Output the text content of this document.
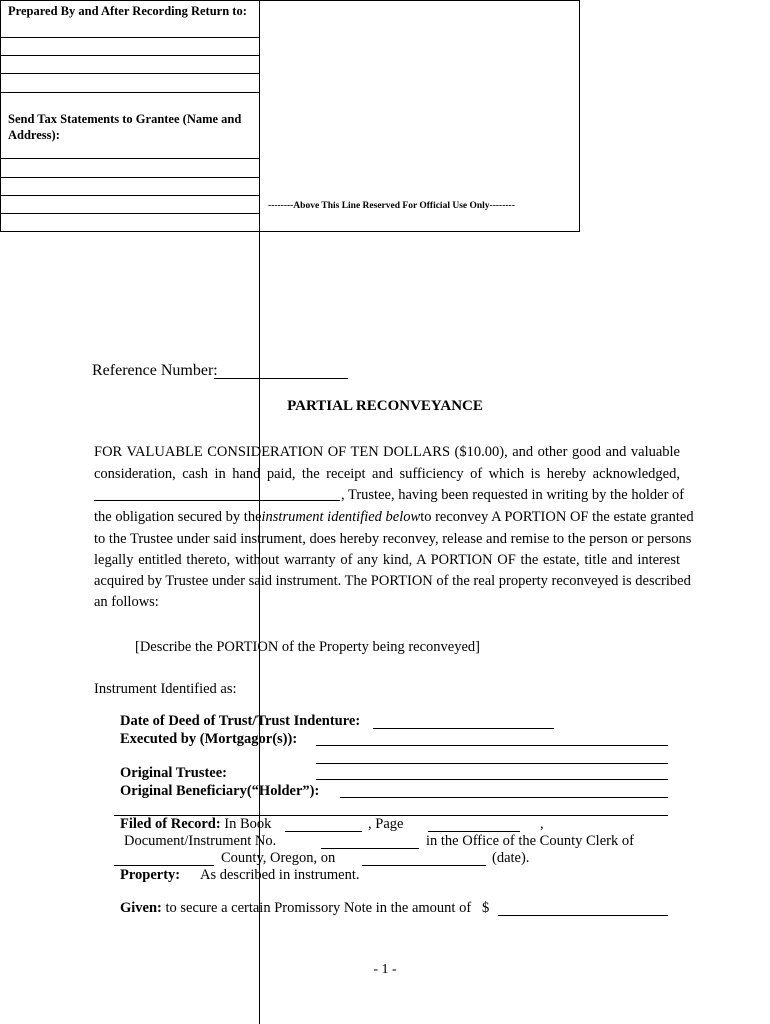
Prepared By and After Recording Return to:
Send Tax Statements to Grantee (Name and Address):
--------Above This Line Reserved For Official Use Only--------
Reference Number:
PARTIAL RECONVEYANCE
FOR VALUABLE CONSIDERATION OF TEN DOLLARS ($10.00), and other good and valuable
consideration, cash in hand paid, the receipt and sufficiency of which is hereby acknowledged,
, Trustee, having been requested in writing by the holder of
the obligation secured by the instrument identified below to reconvey A PORTION OF the estate granted
to the Trustee under said instrument, does hereby reconvey, release and remise to the person or persons
legally entitled thereto, without warranty of any kind, A PORTION OF the estate, title and interest
acquired by Trustee under said instrument. The PORTION of the real property reconveyed is described
an follows:
[Describe the PORTION of the Property being reconveyed]
Instrument Identified as:
Date of Deed of Trust/Trust Indenture:
Executed by (Mortgagor(s)):
Original Trustee:
Original Beneficiary(“Holder”):
Filed of Record: In Book	, Page	,
Document/Instrument No.	in the Office of the County Clerk of
County, Oregon, on	(date).
Property: As described in instrument.
Given: to secure a certain Promissory Note in the amount of $
- 1 -
